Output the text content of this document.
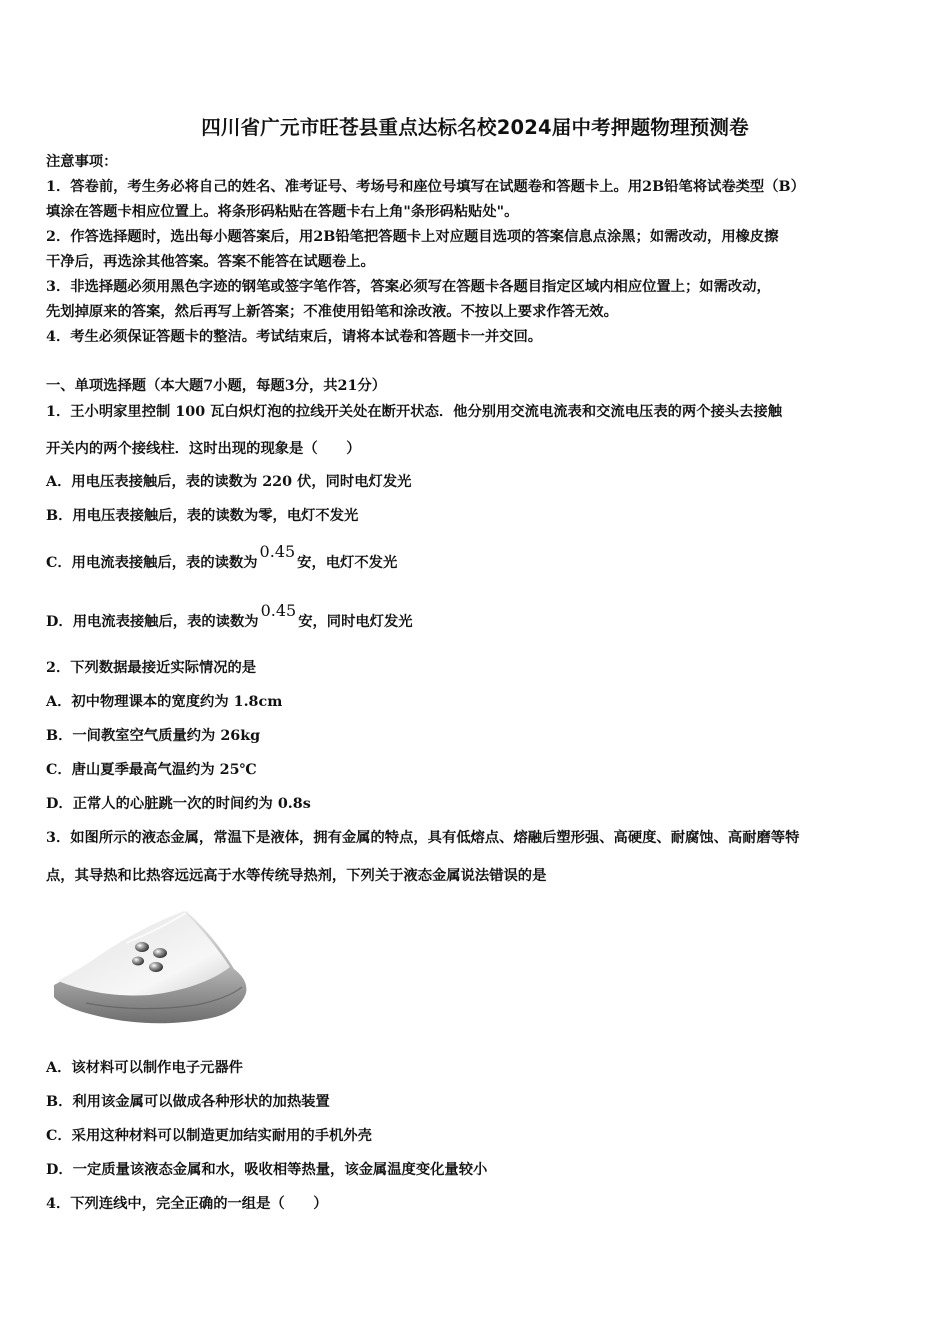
四川省广元市旺苍县重点达标名校2024届中考押题物理预测卷
注意事项：
1．答卷前，考生务必将自己的姓名、准考证号、考场号和座位号填写在试题卷和答题卡上。用2B铅笔将试卷类型（B）
填涂在答题卡相应位置上。将条形码粘贴在答题卡右上角"条形码粘贴处"。
2．作答选择题时，选出每小题答案后，用2B铅笔把答题卡上对应题目选项的答案信息点涂黑；如需改动，用橡皮擦
干净后，再选涂其他答案。答案不能答在试题卷上。
3．非选择题必须用黑色字迹的钢笔或签字笔作答，答案必须写在答题卡各题目指定区域内相应位置上；如需改动，
先划掉原来的答案，然后再写上新答案；不准使用铅笔和涂改液。不按以上要求作答无效。
4．考生必须保证答题卡的整洁。考试结束后，请将本试卷和答题卡一并交回。
一、单项选择题（本大题7小题，每题3分，共21分）
1．王小明家里控制 100 瓦白炽灯泡的拉线开关处在断开状态．他分别用交流电流表和交流电压表的两个接头去接触
开关内的两个接线柱．这时出现的现象是（　　）
A．用电压表接触后，表的读数为 220 伏，同时电灯发光
B．用电压表接触后，表的读数为零，电灯不发光
C．用电流表接触后，表的读数为0.45安，电灯不发光
D．用电流表接触后，表的读数为0.45安，同时电灯发光
2．下列数据最接近实际情况的是
A．初中物理课本的宽度约为 1.8cm
B．一间教室空气质量约为 26kg
C．唐山夏季最高气温约为 25℃
D．正常人的心脏跳一次的时间约为 0.8s
3．如图所示的液态金属，常温下是液体，拥有金属的特点，具有低熔点、熔融后塑形强、高硬度、耐腐蚀、高耐磨等特
点，其导热和比热容远远高于水等传统导热剂，下列关于液态金属说法错误的是
A．该材料可以制作电子元器件
B．利用该金属可以做成各种形状的加热装置
C．采用这种材料可以制造更加结实耐用的手机外壳
D．一定质量该液态金属和水，吸收相等热量，该金属温度变化量较小
4．下列连线中，完全正确的一组是（　　）
